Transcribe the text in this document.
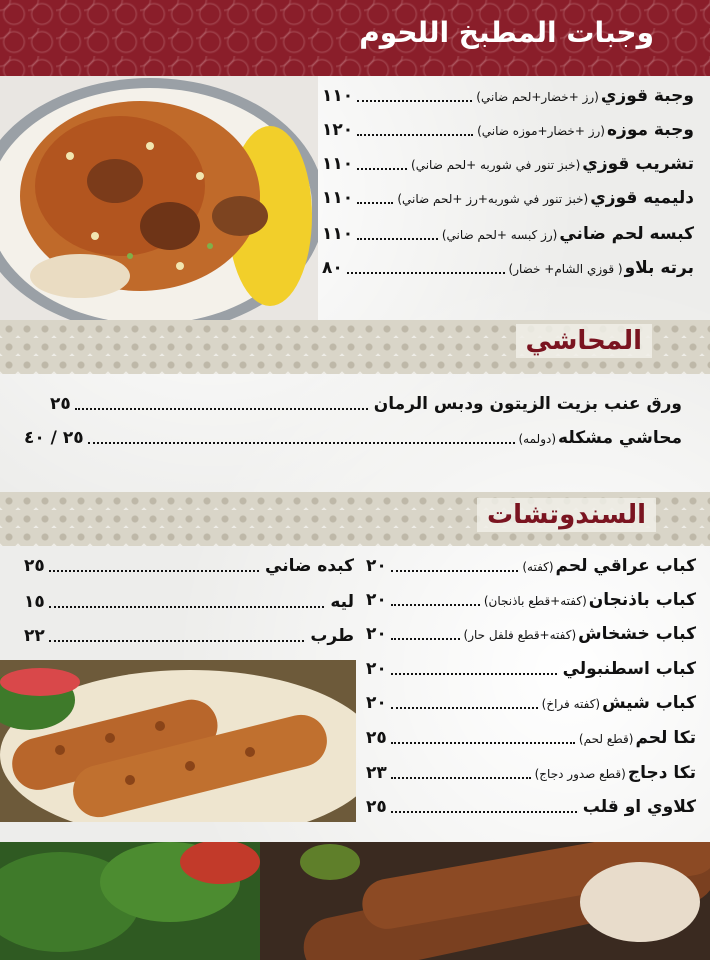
وجبات المطبخ اللحوم
وجبة قوزي
(رز +خضار+لحم ضاني)
١١٠
وجبة موزه
(رز +خضار+موزه ضاني)
١٢٠
تشريب قوزي
(خبز تنور في شوربه +لحم ضاني)
١١٠
دليميه قوزي
(خبز تنور في شوربه+رز +لحم ضاني)
١١٠
كبسه لحم ضاني
(رز كبسه +لحم ضاني)
١١٠
برته بلاو
( قوزي الشام+ خضار)
٨٠
المحاشي
ورق عنب بزيت الزيتون ودبس الرمان
٢٥
محاشي مشكله
(دولمه)
٢٥ / ٤٠
السندوتشات
كباب عراقي لحم
(كفته)
٢٠
كباب باذنجان
(كفته+قطع باذنجان)
٢٠
كباب خشخاش
(كفته+قطع فلفل حار)
٢٠
كباب اسطنبولي
٢٠
كباب شيش
(كفته فراخ)
٢٠
تكا لحم
(قطع لحم)
٢٥
تكا دجاج
(قطع صدور دجاج)
٢٣
كلاوي او قلب
٢٥
كبده ضاني
٢٥
ليه
١٥
طرب
٢٢
